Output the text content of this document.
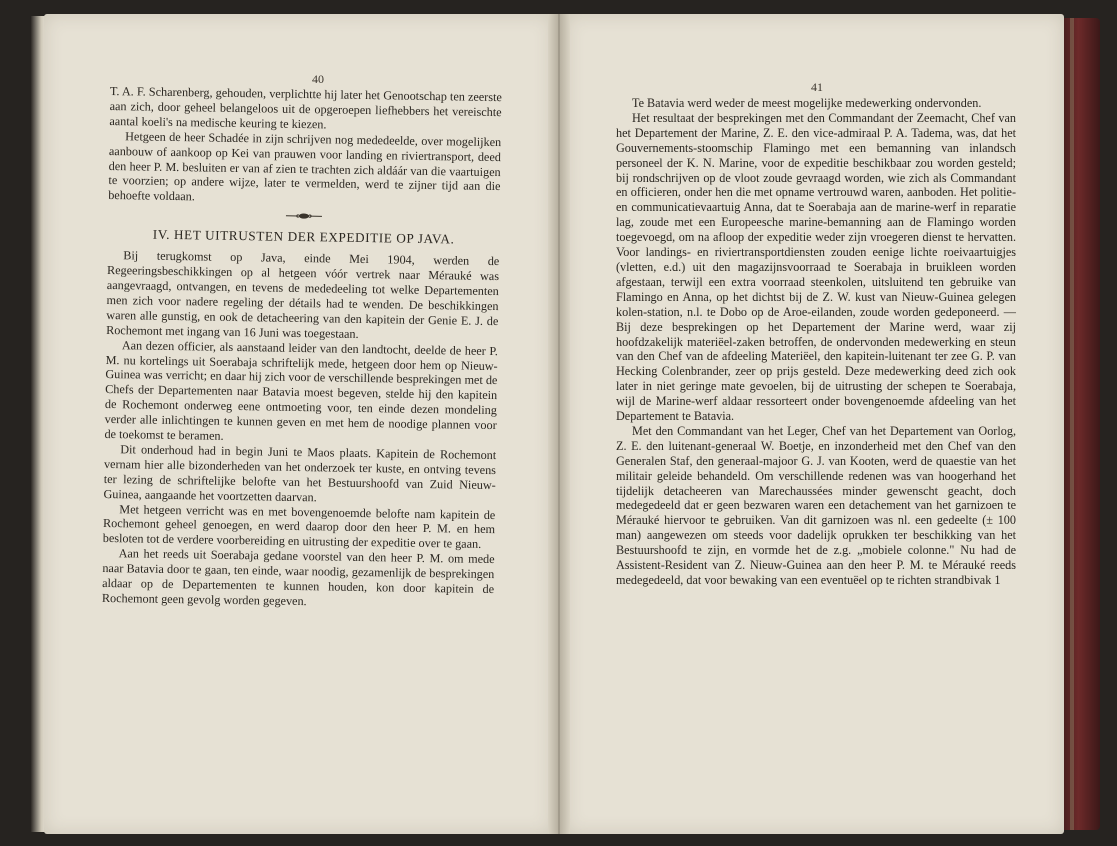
40
41

T. A. F. Scharenberg, gehouden, verplichtte hij later het Genootschap ten zeerste aan zich, door geheel belangeloos uit de opgeroepen liefhebbers het vereischte aantal koeli's na medische keuring te kiezen.

Hetgeen de heer Schadée in zijn schrijven nog mededeelde, over mogelijken aanbouw of aankoop op Kei van prauwen voor landing en riviertransport, deed den heer P. M. besluiten er van af zien te trachten zich aldáár van die vaartuigen te voorzien; op andere wijze, later te vermelden, werd te zijner tijd aan die behoefte voldaan.

IV. HET UITRUSTEN DER EXPEDITIE OP JAVA.

Bij terugkomst op Java, einde Mei 1904, werden de Regeeringsbeschikkingen op al hetgeen vóór vertrek naar Mérauké was aangevraagd, ontvangen, en tevens de mededeeling tot welke Departementen men zich voor nadere regeling der détails had te wenden. De beschikkingen waren alle gunstig, en ook de detacheering van den kapitein der Genie E. J. de Rochemont met ingang van 16 Juni was toegestaan.

Aan dezen officier, als aanstaand leider van den landtocht, deelde de heer P. M. nu kortelings uit Soerabaja schriftelijk mede, hetgeen door hem op Nieuw-Guinea was verricht; en daar hij zich voor de verschillende besprekingen met de Chefs der Departementen naar Batavia moest begeven, stelde hij den kapitein de Rochemont onderweg eene ontmoeting voor, ten einde dezen mondeling verder alle inlichtingen te kunnen geven en met hem de noodige plannen voor de toekomst te beramen.

Dit onderhoud had in begin Juni te Maos plaats. Kapitein de Rochemont vernam hier alle bizonderheden van het onderzoek ter kuste, en ontving tevens ter lezing de schriftelijke belofte van het Bestuurshoofd van Zuid Nieuw-Guinea, aangaande het voortzetten daarvan.

Met hetgeen verricht was en met bovengenoemde belofte nam kapitein de Rochemont geheel genoegen, en werd daarop door den heer P. M. en hem besloten tot de verdere voorbereiding en uitrusting der expeditie over te gaan.

Aan het reeds uit Soerabaja gedane voorstel van den heer P. M. om mede naar Batavia door te gaan, ten einde, waar noodig, gezamenlijk de besprekingen aldaar op de Departementen te kunnen houden, kon door kapitein de Rochemont geen gevolg worden gegeven.

Te Batavia werd weder de meest mogelijke medewerking ondervonden.

Het resultaat der besprekingen met den Commandant der Zeemacht, Chef van het Departement der Marine, Z. E. den vice-admiraal P. A. Tadema, was, dat het Gouvernements-stoomschip Flamingo met een bemanning van inlandsch personeel der K. N. Marine, voor de expeditie beschikbaar zou worden gesteld; bij rondschrijven op de vloot zoude gevraagd worden, wie zich als Commandant en officieren, onder hen die met opname vertrouwd waren, aanboden. Het politie- en communicatievaartuig Anna, dat te Soerabaja aan de marine-werf in reparatie lag, zoude met een Europeesche marine-bemanning aan de Flamingo worden toegevoegd, om na afloop der expeditie weder zijn vroegeren dienst te hervatten. Voor landings- en riviertransportdiensten zouden eenige lichte roeivaartuigjes (vletten, e.d.) uit den magazijnsvoorraad te Soerabaja in bruikleen worden afgestaan, terwijl een extra voorraad steenkolen, uitsluitend ten gebruike van Flamingo en Anna, op het dichtst bij de Z. W. kust van Nieuw-Guinea gelegen kolen-station, n.l. te Dobo op de Aroe-eilanden, zoude worden gedeponeerd. — Bij deze besprekingen op het Departement der Marine werd, waar zij hoofdzakelijk materiëel-zaken betroffen, de ondervonden medewerking en steun van den Chef van de afdeeling Materiëel, den kapitein-luitenant ter zee G. P. van Hecking Colenbrander, zeer op prijs gesteld. Deze medewerking deed zich ook later in niet geringe mate gevoelen, bij de uitrusting der schepen te Soerabaja, wijl de Marine-werf aldaar ressorteert onder bovengenoemde afdeeling van het Departement te Batavia.

Met den Commandant van het Leger, Chef van het Departement van Oorlog, Z. E. den luitenant-generaal W. Boetje, en inzonderheid met den Chef van den Generalen Staf, den generaal-majoor G. J. van Kooten, werd de quaestie van het militair geleide behandeld. Om verschillende redenen was van hoogerhand het tijdelijk detacheeren van Marechaussées minder gewenscht geacht, doch medegedeeld dat er geen bezwaren waren een detachement van het garnizoen te Mérauké hiervoor te gebruiken. Van dit garnizoen was nl. een gedeelte (± 100 man) aangewezen om steeds voor dadelijk oprukken ter beschikking van het Bestuurshoofd te zijn, en vormde het de z.g. „mobiele colonne." Nu had de Assistent-Resident van Z. Nieuw-Guinea aan den heer P. M. te Mérauké reeds medegedeeld, dat voor bewaking van een eventuëel op te richten strandbivak 1
